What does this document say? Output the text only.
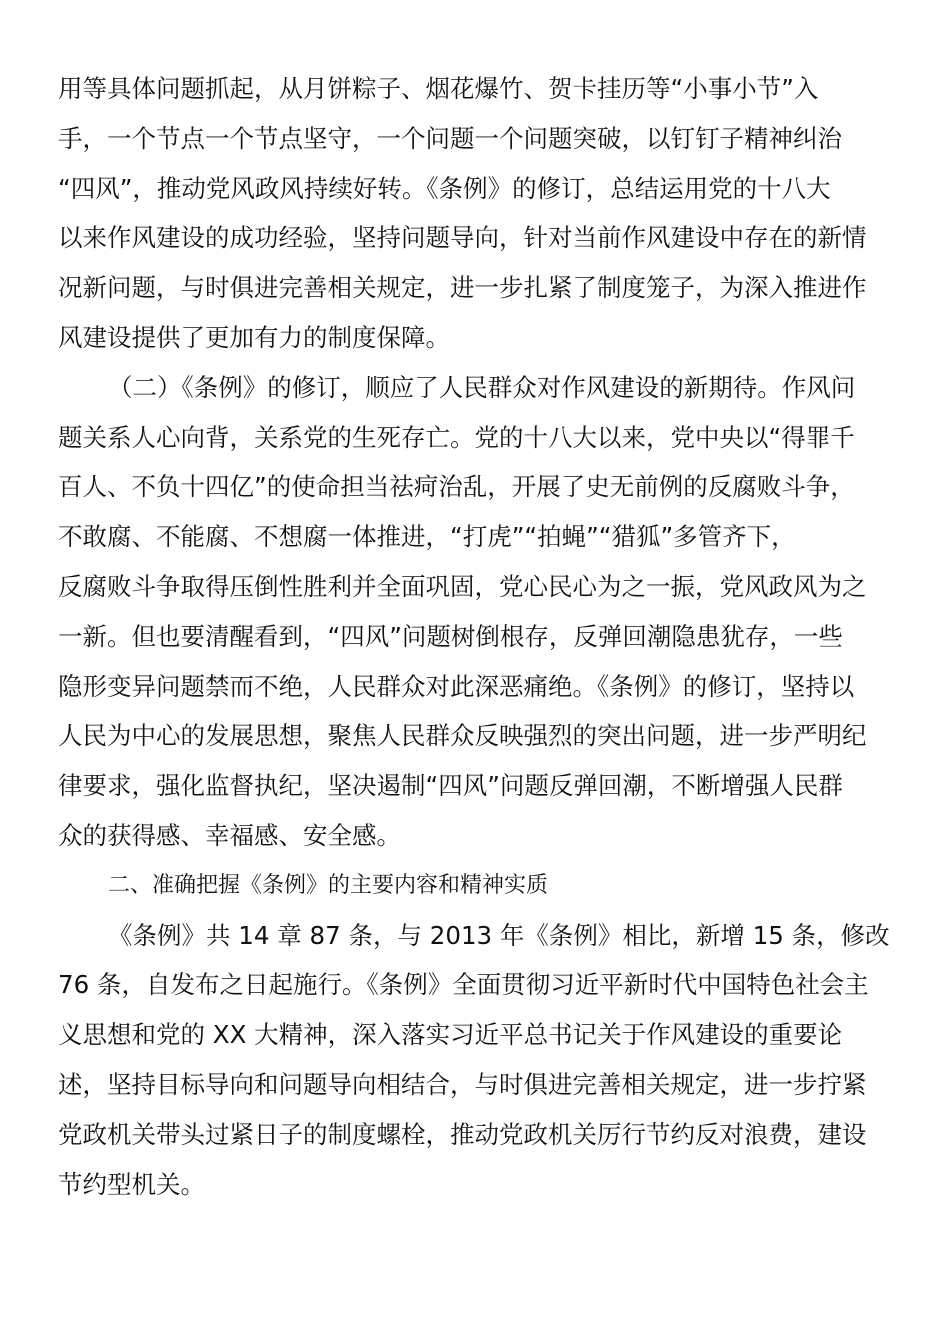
用等具体问题抓起，从月饼粽子、烟花爆竹、贺卡挂历等“小事小节”入
手，一个节点一个节点坚守，一个问题一个问题突破，以钉钉子精神纠治
“四风”，推动党风政风持续好转。《条例》的修订，总结运用党的十八大
以来作风建设的成功经验，坚持问题导向，针对当前作风建设中存在的新情
况新问题，与时俱进完善相关规定，进一步扎紧了制度笼子，为深入推进作
风建设提供了更加有力的制度保障。
（二）《条例》的修订，顺应了人民群众对作风建设的新期待。作风问
题关系人心向背，关系党的生死存亡。党的十八大以来，党中央以“得罪千
百人、不负十四亿”的使命担当祛疴治乱，开展了史无前例的反腐败斗争，
不敢腐、不能腐、不想腐一体推进，“打虎”“拍蝇”“猎狐”多管齐下，
反腐败斗争取得压倒性胜利并全面巩固，党心民心为之一振，党风政风为之
一新。但也要清醒看到，“四风”问题树倒根存，反弹回潮隐患犹存，一些
隐形变异问题禁而不绝，人民群众对此深恶痛绝。《条例》的修订，坚持以
人民为中心的发展思想，聚焦人民群众反映强烈的突出问题，进一步严明纪
律要求，强化监督执纪，坚决遏制“四风”问题反弹回潮，不断增强人民群
众的获得感、幸福感、安全感。
二、准确把握《条例》的主要内容和精神实质
《条例》共 14 章 87 条，与 2013 年《条例》相比，新增 15 条，修改
76 条，自发布之日起施行。《条例》全面贯彻习近平新时代中国特色社会主
义思想和党的 XX 大精神，深入落实习近平总书记关于作风建设的重要论
述，坚持目标导向和问题导向相结合，与时俱进完善相关规定，进一步拧紧
党政机关带头过紧日子的制度螺栓，推动党政机关厉行节约反对浪费，建设
节约型机关。
